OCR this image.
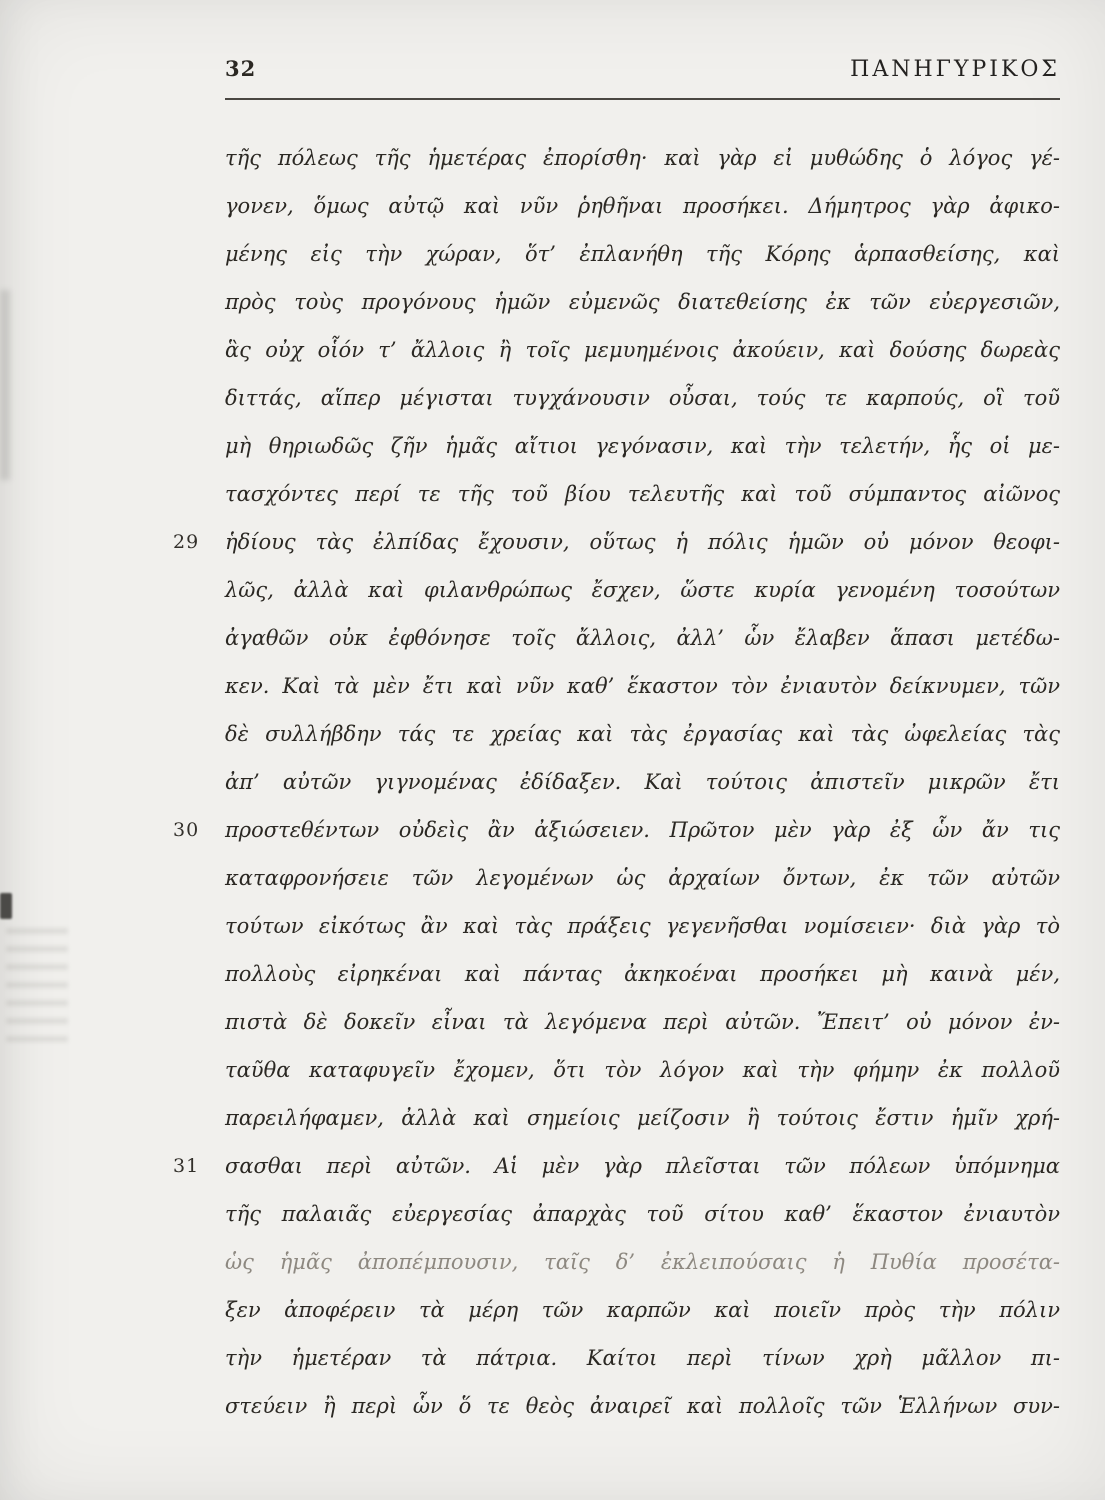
32	ΠΑΝΗΓΥΡΙΚΟΣ
τῆς πόλεως τῆς ἡμετέρας ἐπορίσθη· καὶ γὰρ εἰ μυθώδης ὁ λόγος γέ-
γονεν, ὅμως αὐτῷ καὶ νῦν ῥηθῆναι προσήκει. Δήμητρος γὰρ ἀφικο-
μένης εἰς τὴν χώραν, ὅτ’ ἐπλανήθη τῆς Κόρης ἁρπασθείσης, καὶ
πρὸς τοὺς προγόνους ἡμῶν εὐμενῶς διατεθείσης ἐκ τῶν εὐεργεσιῶν,
ἃς οὐχ οἷόν τ’ ἄλλοις ἢ τοῖς μεμυημένοις ἀκούειν, καὶ δούσης δωρεὰς
διττάς, αἵπερ μέγισται τυγχάνουσιν οὖσαι, τούς τε καρπούς, οἳ τοῦ
μὴ θηριωδῶς ζῆν ἡμᾶς αἴτιοι γεγόνασιν, καὶ τὴν τελετήν, ἧς οἱ με-
τασχόντες περί τε τῆς τοῦ βίου τελευτῆς καὶ τοῦ σύμπαντος αἰῶνος
29	ἡδίους τὰς ἐλπίδας ἔχουσιν, οὕτως ἡ πόλις ἡμῶν οὐ μόνον θεοφι-
λῶς, ἀλλὰ καὶ φιλανθρώπως ἔσχεν, ὥστε κυρία γενομένη τοσούτων
ἀγαθῶν οὐκ ἐφθόνησε τοῖς ἄλλοις, ἀλλ’ ὧν ἔλαβεν ἅπασι μετέδω-
κεν. Καὶ τὰ μὲν ἔτι καὶ νῦν καθ’ ἕκαστον τὸν ἐνιαυτὸν δείκνυμεν, τῶν
δὲ συλλήβδην τάς τε χρείας καὶ τὰς ἐργασίας καὶ τὰς ὠφελείας τὰς
ἀπ’ αὐτῶν γιγνομένας ἐδίδαξεν. Καὶ τούτοις ἀπιστεῖν μικρῶν ἔτι
30	προστεθέντων οὐδεὶς ἂν ἀξιώσειεν. Πρῶτον μὲν γὰρ ἐξ ὧν ἄν τις
καταφρονήσειε τῶν λεγομένων ὡς ἀρχαίων ὄντων, ἐκ τῶν αὐτῶν
τούτων εἰκότως ἂν καὶ τὰς πράξεις γεγενῆσθαι νομίσειεν· διὰ γὰρ τὸ
πολλοὺς εἰρηκέναι καὶ πάντας ἀκηκοέναι προσήκει μὴ καινὰ μέν,
πιστὰ δὲ δοκεῖν εἶναι τὰ λεγόμενα περὶ αὐτῶν. Ἔπειτ’ οὐ μόνον ἐν-
ταῦθα καταφυγεῖν ἔχομεν, ὅτι τὸν λόγον καὶ τὴν φήμην ἐκ πολλοῦ
παρειλήφαμεν, ἀλλὰ καὶ σημείοις μείζοσιν ἢ τούτοις ἔστιν ἡμῖν χρή-
31	σασθαι περὶ αὐτῶν. Αἱ μὲν γὰρ πλεῖσται τῶν πόλεων ὑπόμνημα
τῆς παλαιᾶς εὐεργεσίας ἀπαρχὰς τοῦ σίτου καθ’ ἕκαστον ἐνιαυτὸν
ὡς ἡμᾶς ἀποπέμπουσιν, ταῖς δ’ ἐκλειπούσαις ἡ Πυθία προσέτα-
ξεν ἀποφέρειν τὰ μέρη τῶν καρπῶν καὶ ποιεῖν πρὸς τὴν πόλιν
τὴν ἡμετέραν τὰ πάτρια. Καίτοι περὶ τίνων χρὴ μᾶλλον πι-
στεύειν ἢ περὶ ὧν ὅ τε θεὸς ἀναιρεῖ καὶ πολλοῖς τῶν Ἑλλήνων συν-
